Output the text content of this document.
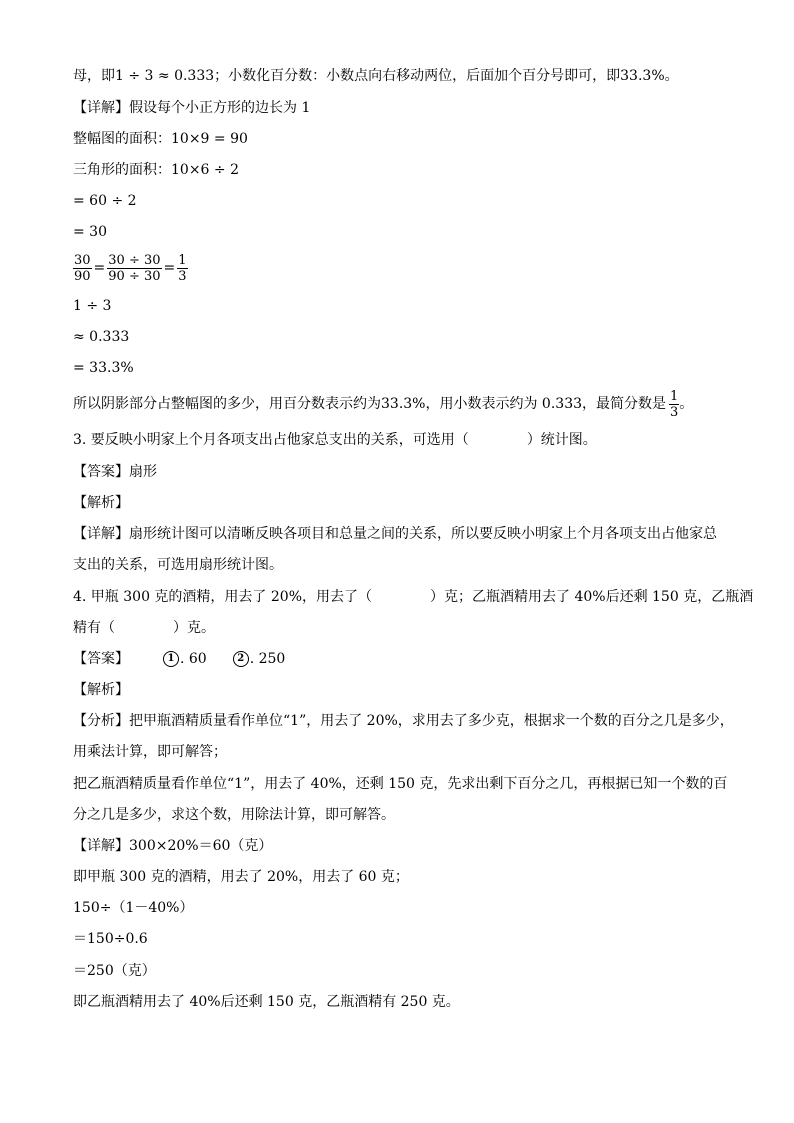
母，即1 ÷ 3 ≈ 0.333；小数化百分数：小数点向右移动两位，后面加个百分号即可，即33.3%。
【详解】假设每个小正方形的边长为 1
整幅图的面积：10×9 = 90
三角形的面积：10×6 ÷ 2
= 60 ÷ 2
= 30
$\frac{30}{90} = \frac{30 \div 30}{90 \div 30} = \frac{1}{3}$
1 ÷ 3
≈ 0.333
= 33.3%
所以阴影部分占整幅图的多少，用百分数表示约为33.3%，用小数表示约为 0.333，最简分数是 $\frac{1}{3}$ 。
3. 要反映小明家上个月各项支出占他家总支出的关系，可选用（	）统计图。
【答案】扇形
【解析】
【详解】扇形统计图可以清晰反映各项目和总量之间的关系，所以要反映小明家上个月各项支出占他家总
支出的关系，可选用扇形统计图。
4. 甲瓶 300 克的酒精，用去了 20%，用去了（	）克；乙瓶酒精用去了 40%后还剩 150 克，乙瓶酒
精有（	）克。
【答案】	1 . 60	2 . 250
【解析】
【分析】把甲瓶酒精质量看作单位“1”，用去了 20%，求用去了多少克，根据求一个数的百分之几是多少，
用乘法计算，即可解答；
把乙瓶酒精质量看作单位“1”，用去了 40%，还剩 150 克，先求出剩下百分之几，再根据已知一个数的百
分之几是多少，求这个数，用除法计算，即可解答。
【详解】300×20%＝60（克）
即甲瓶 300 克的酒精，用去了 20%，用去了 60 克；
150÷（1－40%）
＝150÷0.6
＝250（克）
即乙瓶酒精用去了 40%后还剩 150 克，乙瓶酒精有 250 克。
